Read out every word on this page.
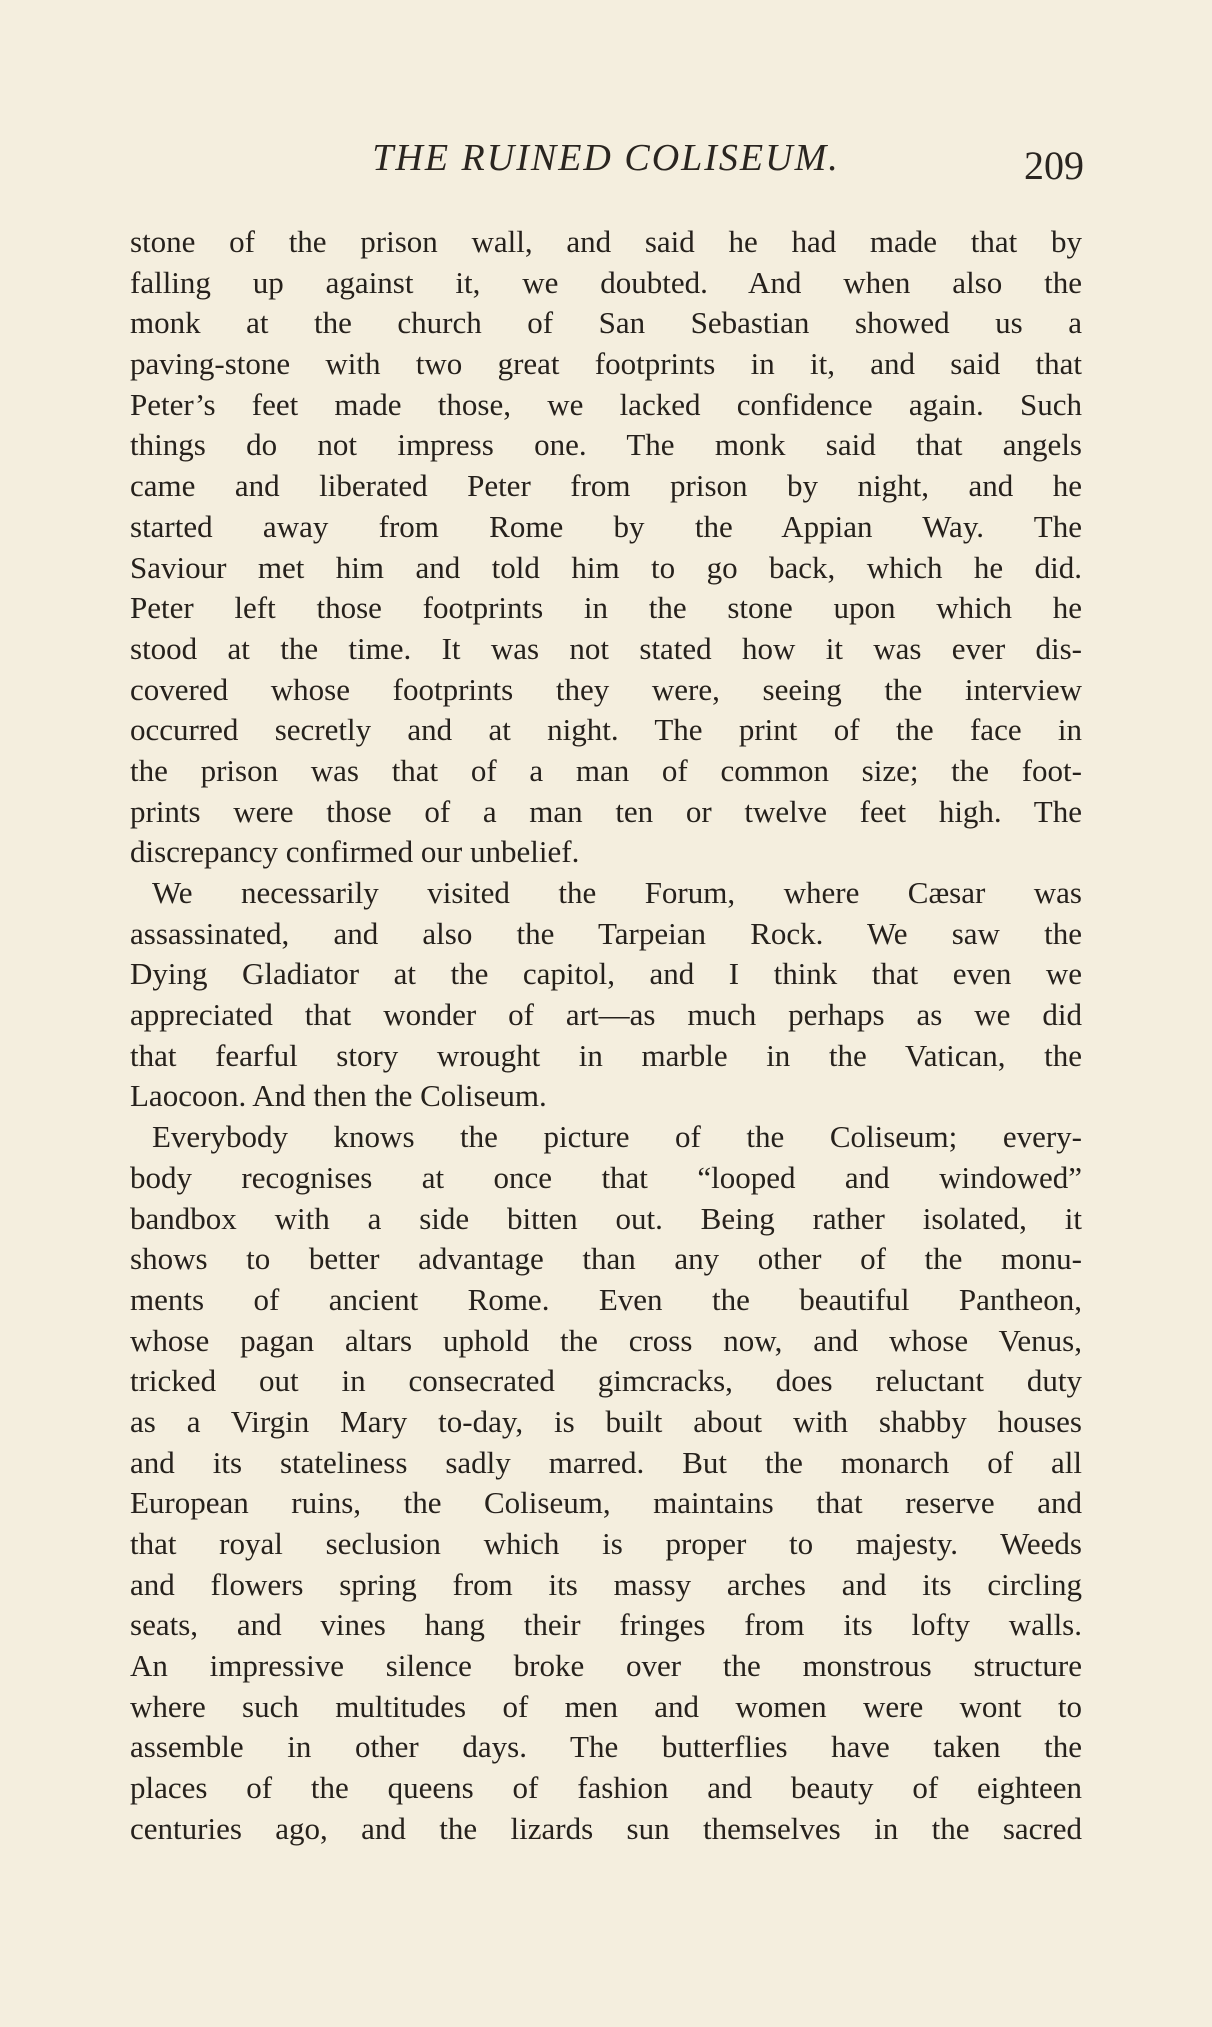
THE RUINED COLISEUM.	209
stone of the prison wall, and said he had made that by
falling up against it, we doubted. And when also the
monk at the church of San Sebastian showed us a
paving-stone with two great footprints in it, and said that
Peter’s feet made those, we lacked confidence again. Such
things do not impress one. The monk said that angels
came and liberated Peter from prison by night, and he
started away from Rome by the Appian Way. The
Saviour met him and told him to go back, which he did.
Peter left those footprints in the stone upon which he
stood at the time. It was not stated how it was ever dis-
covered whose footprints they were, seeing the interview
occurred secretly and at night. The print of the face in
the prison was that of a man of common size; the foot-
prints were those of a man ten or twelve feet high. The
discrepancy confirmed our unbelief.
We necessarily visited the Forum, where Cæsar was
assassinated, and also the Tarpeian Rock. We saw the
Dying Gladiator at the capitol, and I think that even we
appreciated that wonder of art—as much perhaps as we did
that fearful story wrought in marble in the Vatican, the
Laocoon. And then the Coliseum.
Everybody knows the picture of the Coliseum; every-
body recognises at once that “looped and windowed”
bandbox with a side bitten out. Being rather isolated, it
shows to better advantage than any other of the monu-
ments of ancient Rome. Even the beautiful Pantheon,
whose pagan altars uphold the cross now, and whose Venus,
tricked out in consecrated gimcracks, does reluctant duty
as a Virgin Mary to-day, is built about with shabby houses
and its stateliness sadly marred. But the monarch of all
European ruins, the Coliseum, maintains that reserve and
that royal seclusion which is proper to majesty. Weeds
and flowers spring from its massy arches and its circling
seats, and vines hang their fringes from its lofty walls.
An impressive silence broke over the monstrous structure
where such multitudes of men and women were wont to
assemble in other days. The butterflies have taken the
places of the queens of fashion and beauty of eighteen
centuries ago, and the lizards sun themselves in the sacred
